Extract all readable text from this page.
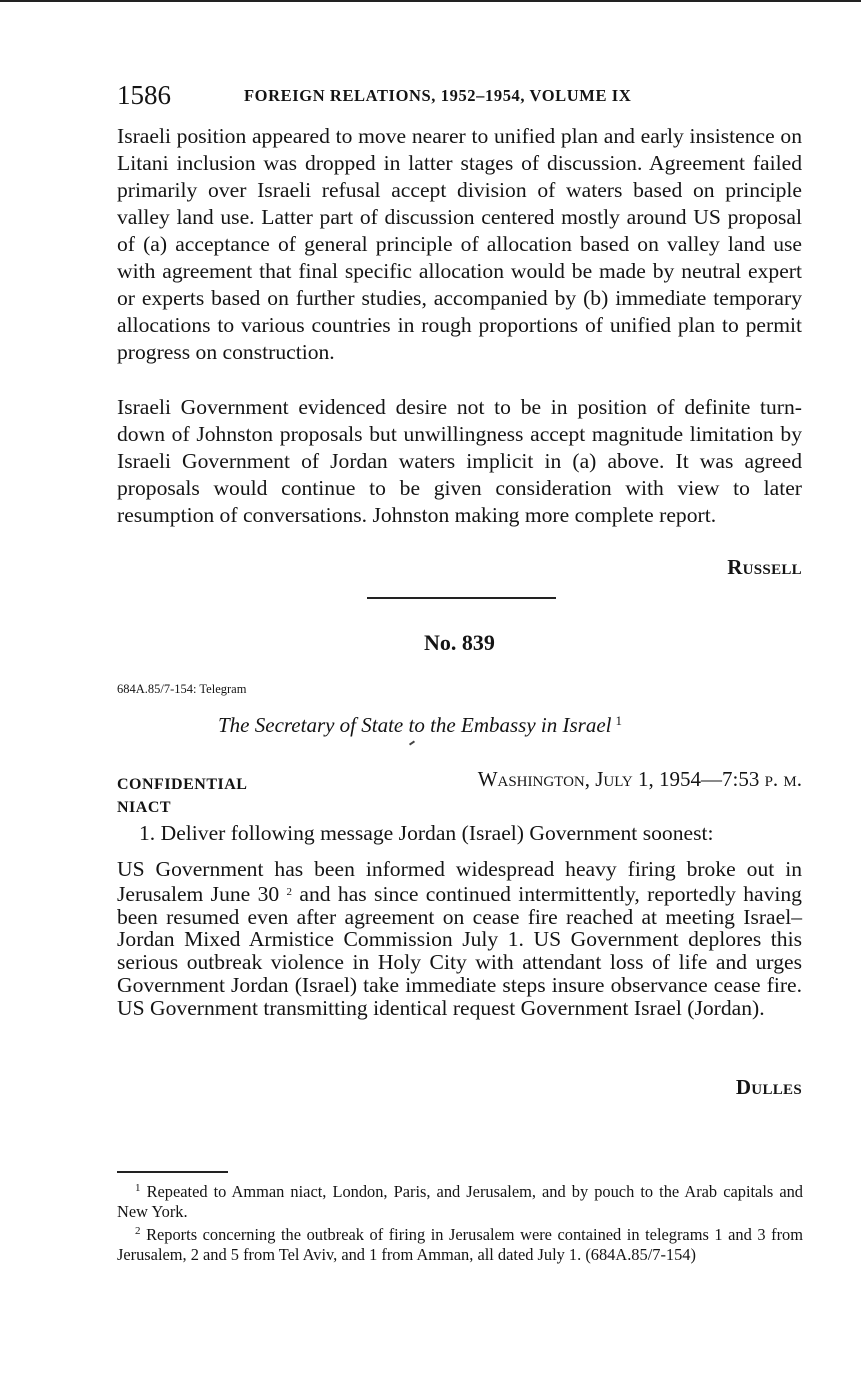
1586	FOREIGN RELATIONS, 1952–1954, VOLUME IX

Israeli position appeared to move nearer to unified plan and early insistence on Litani inclusion was dropped in latter stages of discussion. Agreement failed primarily over Israeli refusal accept division of waters based on principle valley land use. Latter part of discussion centered mostly around US proposal of (a) acceptance of general principle of allocation based on valley land use with agreement that final specific allocation would be made by neutral expert or experts based on further studies, accompanied by (b) immediate temporary allocations to various countries in rough proportions of unified plan to permit progress on construction.

Israeli Government evidenced desire not to be in position of definite turn-down of Johnston proposals but unwillingness accept magnitude limitation by Israeli Government of Jordan waters implicit in (a) above. It was agreed proposals would continue to be given consideration with view to later resumption of conversations. Johnston making more complete report.

Russell
No. 839
684A.85/7-154: Telegram
The Secretary of State to the Embassy in Israel $^1$
CONFIDENTIAL
NIACT
Washington, July 1, 1954—7:53 p. m.
1. Deliver following message Jordan (Israel) Government soonest:

US Government has been informed widespread heavy firing broke out in Jerusalem June 30 $^2$ and has since continued intermittently, reportedly having been resumed even after agreement on cease fire reached at meeting Israel–Jordan Mixed Armistice Commission July 1. US Government deplores this serious outbreak violence in Holy City with attendant loss of life and urges Government Jordan (Israel) take immediate steps insure observance cease fire. US Government transmitting identical request Government Israel (Jordan).

Dulles

$^1$ Repeated to Amman niact, London, Paris, and Jerusalem, and by pouch to the Arab capitals and New York.

$^2$ Reports concerning the outbreak of firing in Jerusalem were contained in telegrams 1 and 3 from Jerusalem, 2 and 5 from Tel Aviv, and 1 from Amman, all dated July 1. (684A.85/7-154)
